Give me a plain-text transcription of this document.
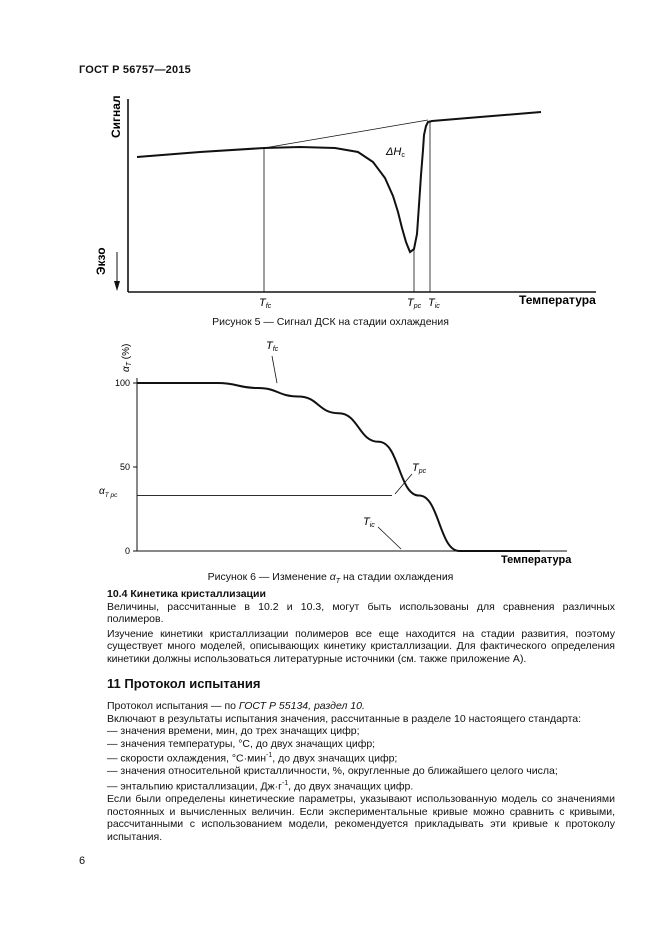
ГОСТ Р 56757—2015
Сигнал
Экзо
ΔHc
Tfc	Tpc Tic	Температура
Рисунок 5 — Сигнал ДСК на стадии охлаждения
$\alpha_T$ (%)
0
50
100
Tfc
Tpc
Tic
$\alpha_{T pc}$
Температура
Рисунок 6 — Изменение $\alpha_T$ на стадии охлаждения
10.4 Кинетика кристаллизации
Величины, рассчитанные в 10.2 и 10.3, могут быть использованы для сравнения различных полимеров.
Изучение кинетики кристаллизации полимеров все еще находится на стадии развития, поэтому существует много моделей, описывающих кинетику кристаллизации. Для фактического определения кинетики должны использоваться литературные источники (см. также приложение А).
11 Протокол испытания
Протокол испытания — по ГОСТ Р 55134, раздел 10.
Включают в результаты испытания значения, рассчитанные в разделе 10 настоящего стандарта:
— значения времени, мин, до трех значащих цифр;
— значения температуры, °С, до двух значащих цифр;
— скорости охлаждения, °С·мин$^{-1}$, до двух значащих цифр;
— значения относительной кристалличности, %, округленные до ближайшего целого числа;
— энтальпию кристаллизации, $Дж\cdot г^{-1}$, до двух значащих цифр.
Если были определены кинетические параметры, указывают использованную модель со значениями постоянных и вычисленных величин. Если экспериментальные кривые можно сравнить с кривыми, рассчитанными с использованием модели, рекомендуется прикладывать эти кривые к протоколу испытания.
6
